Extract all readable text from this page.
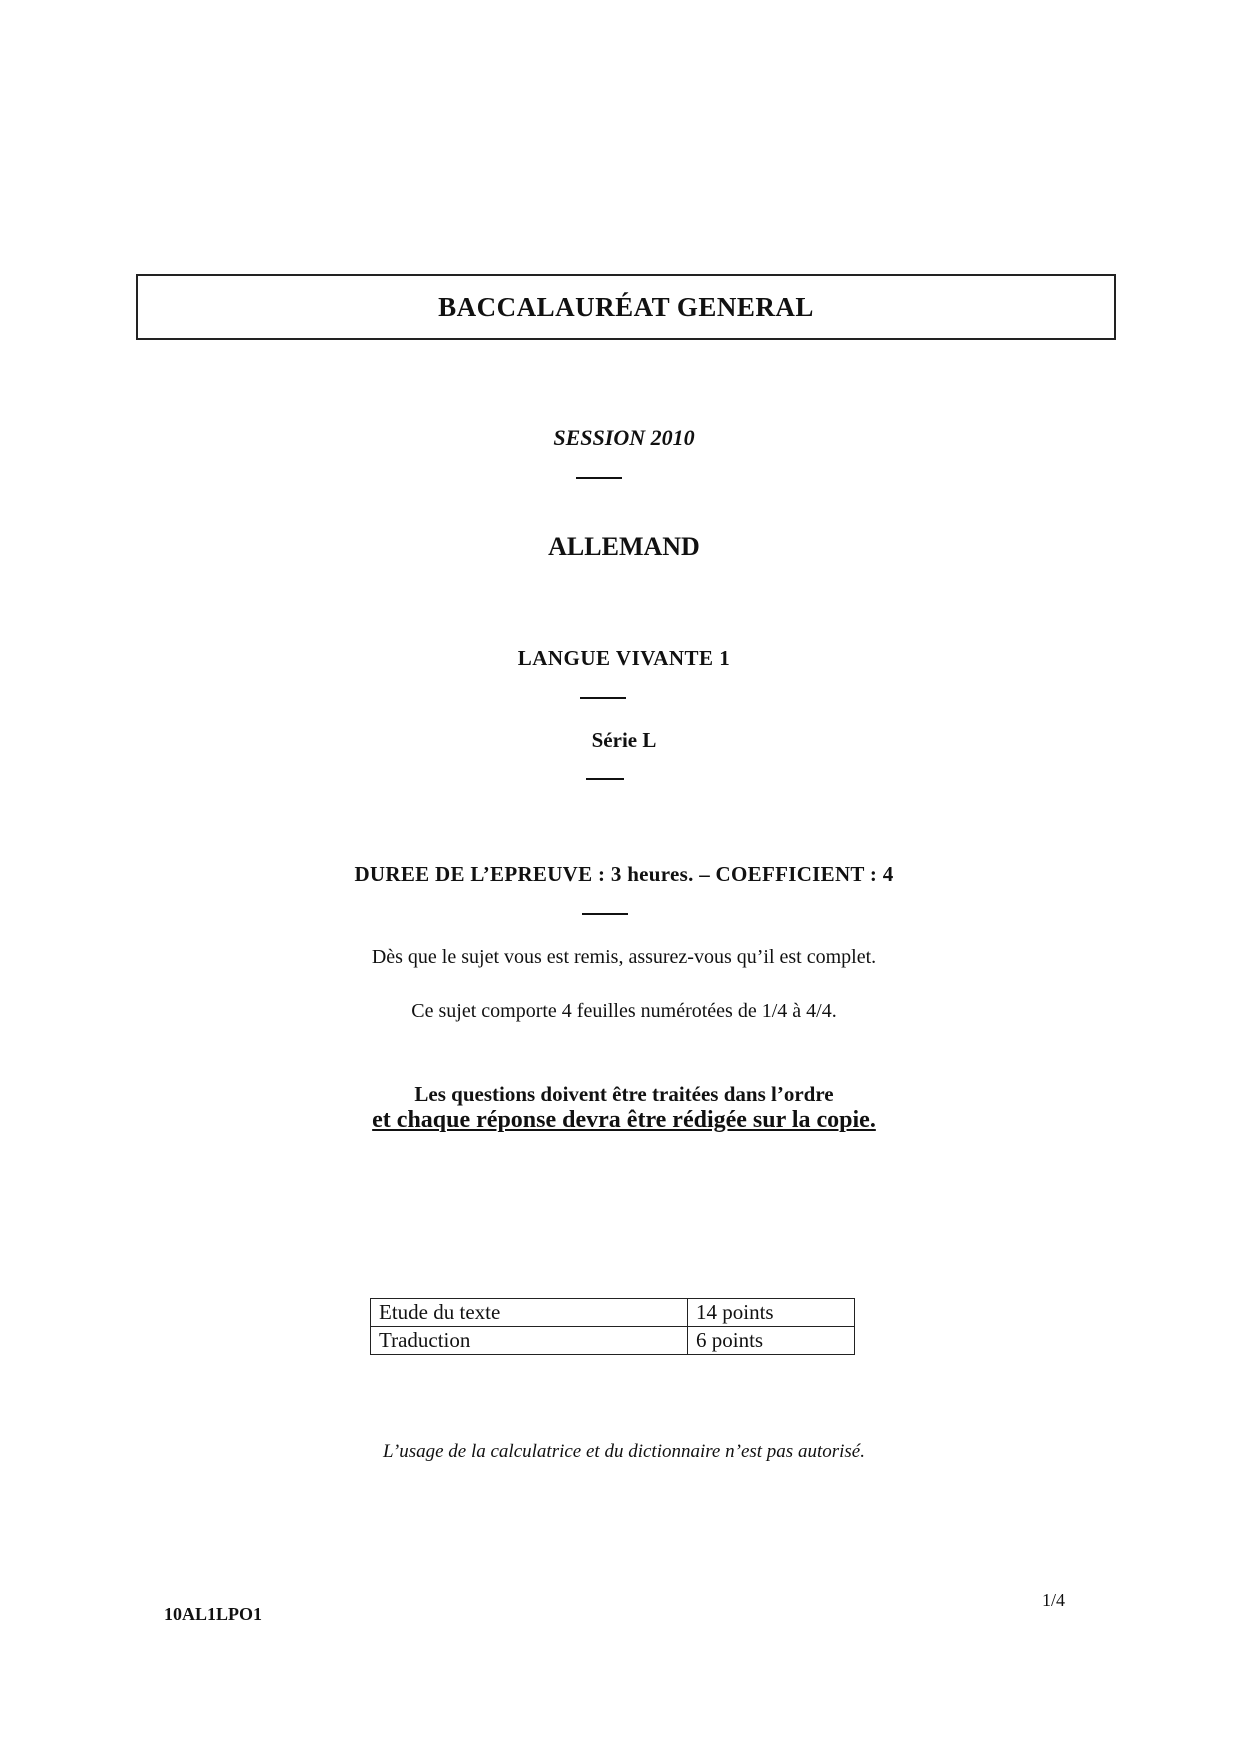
BACCALAURÉAT GENERAL
SESSION 2010
ALLEMAND
LANGUE VIVANTE 1
Série L
DUREE DE L’EPREUVE : 3 heures. – COEFFICIENT : 4
Dès que le sujet vous est remis, assurez-vous qu’il est complet.
Ce sujet comporte 4 feuilles numérotées de 1/4 à 4/4.
Les questions doivent être traitées dans l’ordre
et chaque réponse devra être rédigée sur la copie.
Etude du texte	14 points
Traduction	6 points
L’usage de la calculatrice et du dictionnaire n’est pas autorisé.
10AL1LPO1
1/4
